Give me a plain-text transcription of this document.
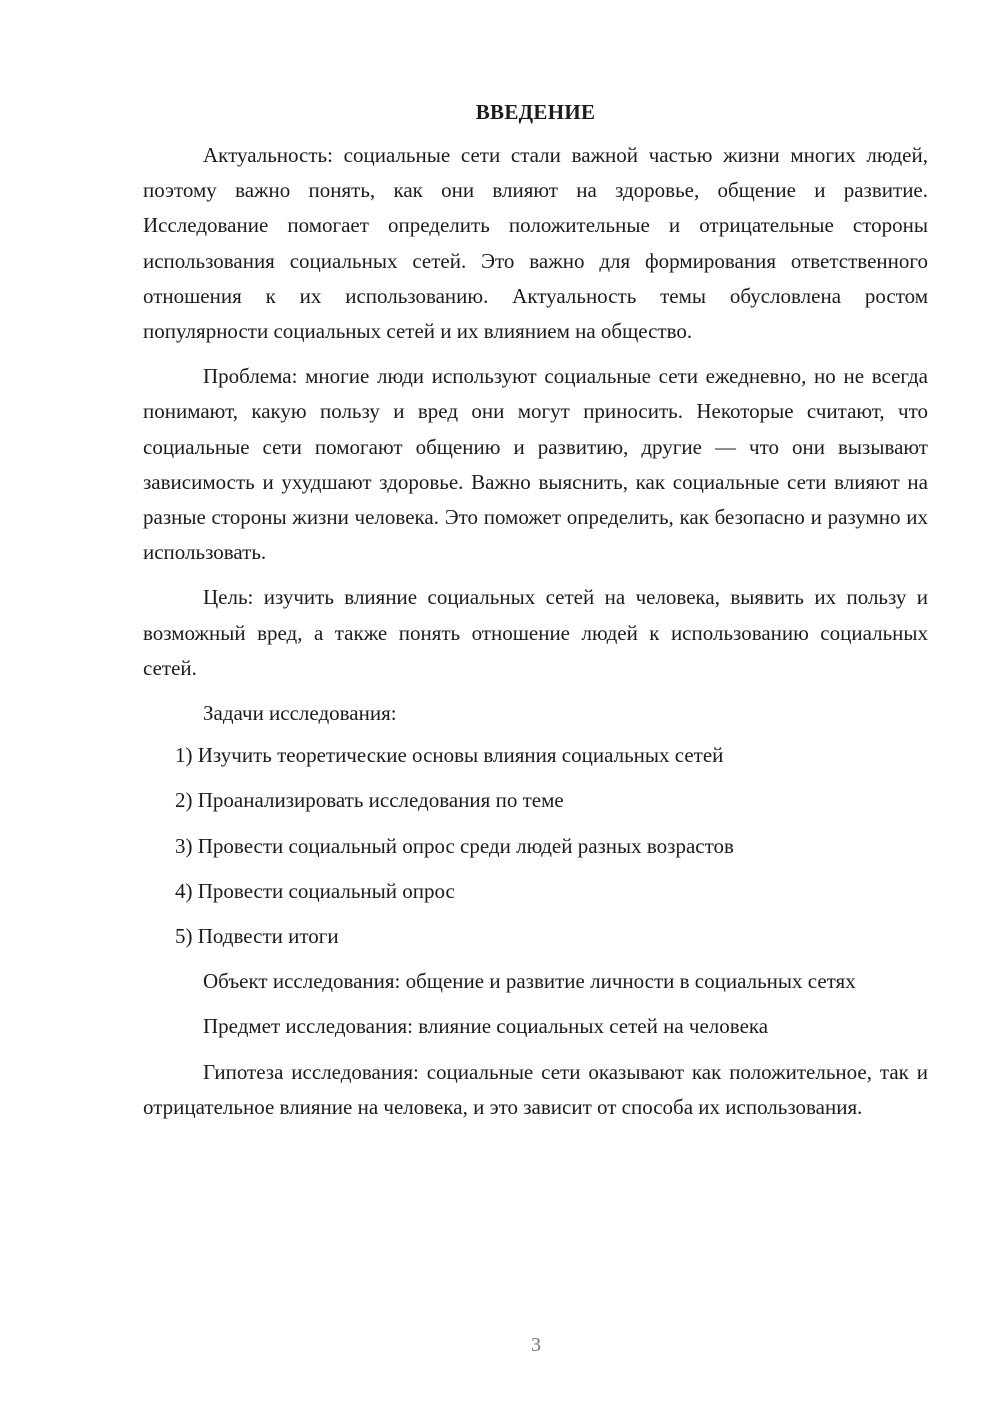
ВВЕДЕНИЕ

Актуальность: социальные сети стали важной частью жизни многих людей, поэтому важно понять, как они влияют на здоровье, общение и развитие. Исследование помогает определить положительные и отрицательные стороны использования социальных сетей. Это важно для формирования ответственного отношения к их использованию. Актуальность темы обусловлена ростом популярности социальных сетей и их влиянием на общество.

Проблема: многие люди используют социальные сети ежедневно, но не всегда понимают, какую пользу и вред они могут приносить. Некоторые считают, что социальные сети помогают общению и развитию, другие — что они вызывают зависимость и ухудшают здоровье. Важно выяснить, как социальные сети влияют на разные стороны жизни человека. Это поможет определить, как безопасно и разумно их использовать.

Цель: изучить влияние социальных сетей на человека, выявить их пользу и возможный вред, а также понять отношение людей к использованию социальных сетей.

Задачи исследования:

1) Изучить теоретические основы влияния социальных сетей
2) Проанализировать исследования по теме
3) Провести социальный опрос среди людей разных возрастов
4) Провести социальный опрос
5) Подвести итоги

Объект исследования: общение и развитие личности в социальных сетях

Предмет исследования: влияние социальных сетей на человека

Гипотеза исследования: социальные сети оказывают как положительное, так и отрицательное влияние на человека, и это зависит от способа их использования.

3
